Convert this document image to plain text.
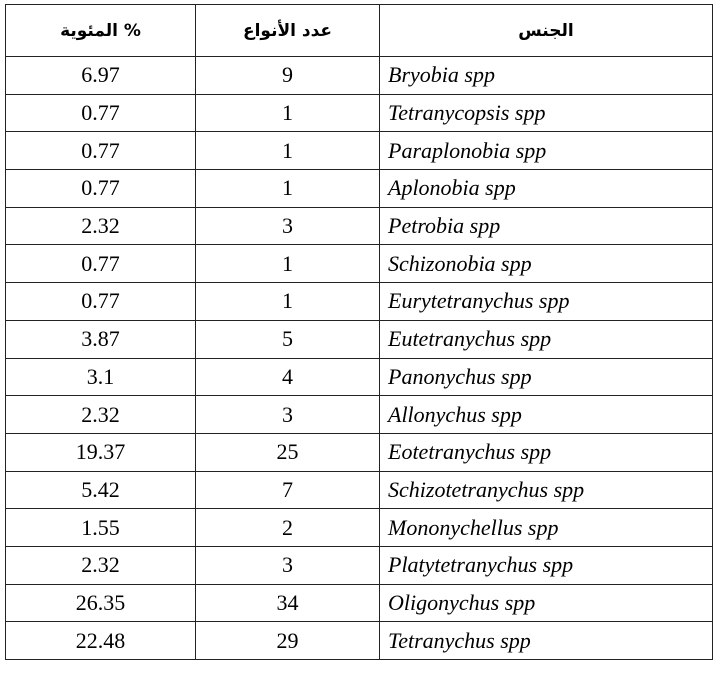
% المئوية	عدد الأنواع	الجنس
6.97	9	Bryobia spp
0.77	1	Tetranycopsis spp
0.77	1	Paraplonobia spp
0.77	1	Aplonobia spp
2.32	3	Petrobia spp
0.77	1	Schizonobia spp
0.77	1	Eurytetranychus spp
3.87	5	Eutetranychus spp
3.1	4	Panonychus spp
2.32	3	Allonychus spp
19.37	25	Eotetranychus spp
5.42	7	Schizotetranychus spp
1.55	2	Mononychellus spp
2.32	3	Platytetranychus spp
26.35	34	Oligonychus spp
22.48	29	Tetranychus spp
